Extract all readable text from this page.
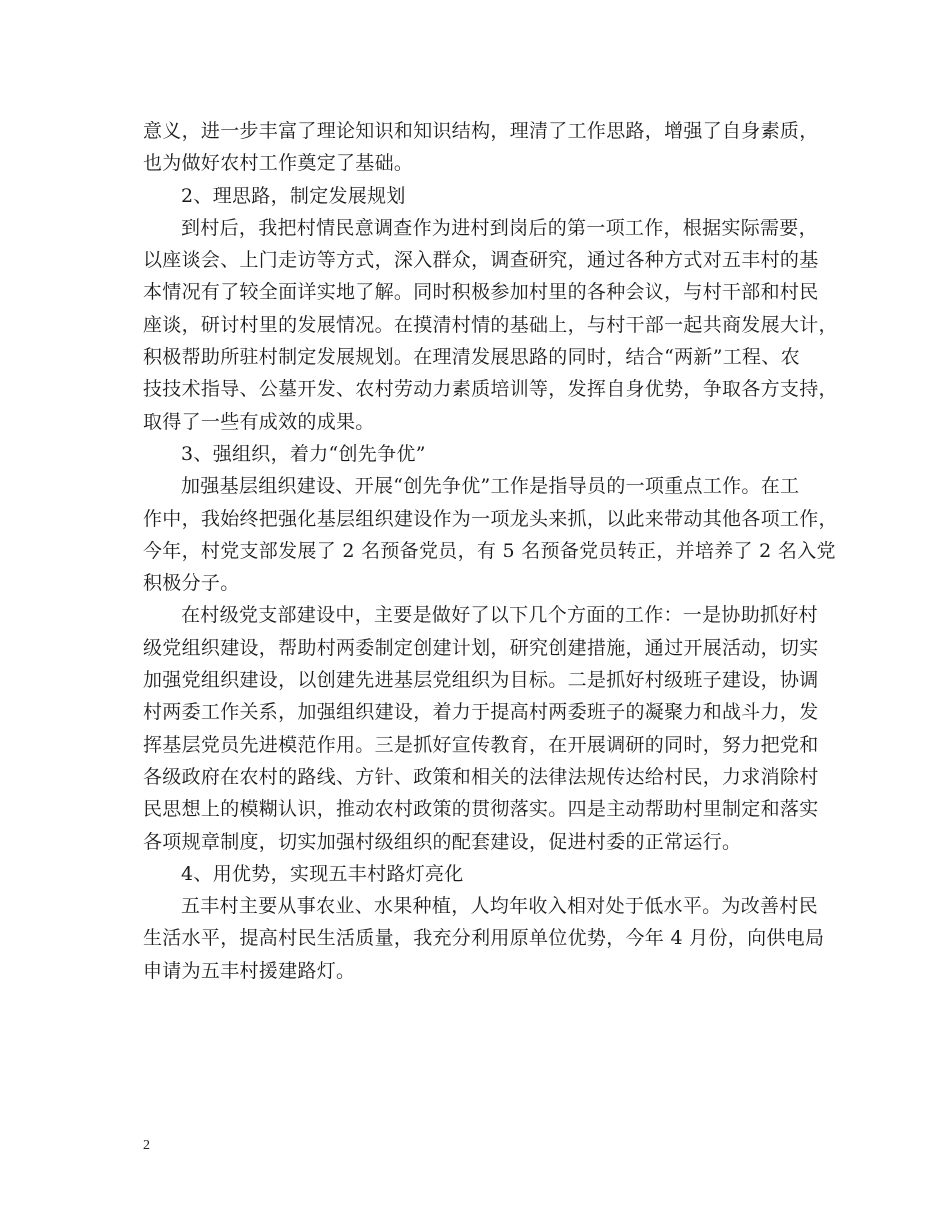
意义，进一步丰富了理论知识和知识结构，理清了工作思路，增强了自身素质，
也为做好农村工作奠定了基础。
2、理思路，制定发展规划
到村后，我把村情民意调查作为进村到岗后的第一项工作，根据实际需要，
以座谈会、上门走访等方式，深入群众，调查研究，通过各种方式对五丰村的基
本情况有了较全面详实地了解。同时积极参加村里的各种会议，与村干部和村民
座谈，研讨村里的发展情况。在摸清村情的基础上，与村干部一起共商发展大计，
积极帮助所驻村制定发展规划。在理清发展思路的同时，结合“两新”工程、农
技技术指导、公墓开发、农村劳动力素质培训等，发挥自身优势，争取各方支持，
取得了一些有成效的成果。
3、强组织，着力“创先争优”
加强基层组织建设、开展“创先争优”工作是指导员的一项重点工作。在工
作中，我始终把强化基层组织建设作为一项龙头来抓，以此来带动其他各项工作，
今年，村党支部发展了 2 名预备党员，有 5 名预备党员转正，并培养了 2 名入党
积极分子。
在村级党支部建设中，主要是做好了以下几个方面的工作：一是协助抓好村
级党组织建设，帮助村两委制定创建计划，研究创建措施，通过开展活动，切实
加强党组织建设，以创建先进基层党组织为目标。二是抓好村级班子建设，协调
村两委工作关系，加强组织建设，着力于提高村两委班子的凝聚力和战斗力，发
挥基层党员先进模范作用。三是抓好宣传教育，在开展调研的同时，努力把党和
各级政府在农村的路线、方针、政策和相关的法律法规传达给村民，力求消除村
民思想上的模糊认识，推动农村政策的贯彻落实。四是主动帮助村里制定和落实
各项规章制度，切实加强村级组织的配套建设，促进村委的正常运行。
4、用优势，实现五丰村路灯亮化
五丰村主要从事农业、水果种植，人均年收入相对处于低水平。为改善村民
生活水平，提高村民生活质量，我充分利用原单位优势，今年 4 月份，向供电局
申请为五丰村援建路灯。
2
